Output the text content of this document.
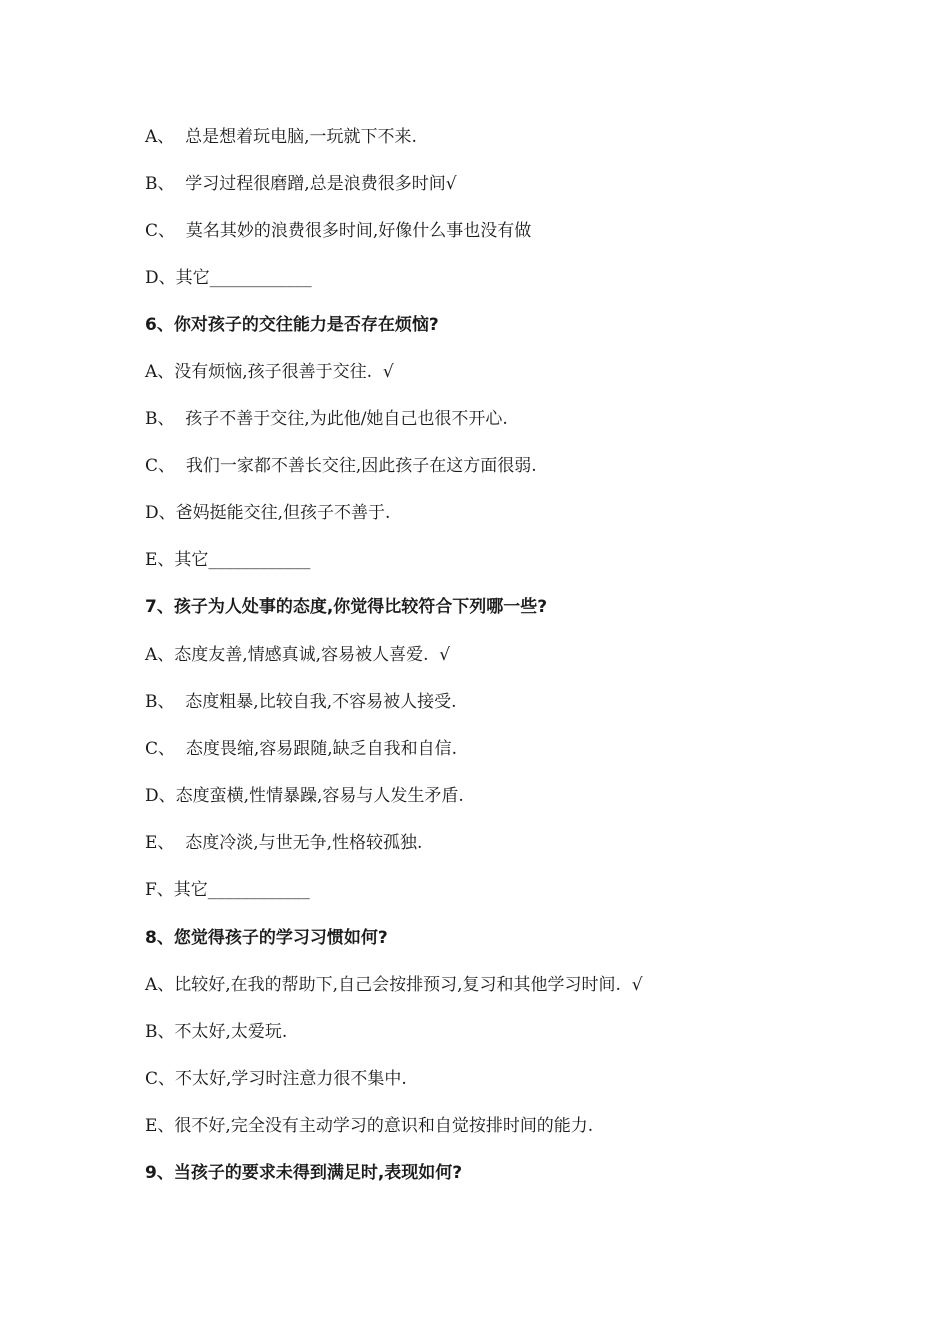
A、  总是想着玩电脑,一玩就下不来.
B、  学习过程很磨蹭,总是浪费很多时间√
C、  莫名其妙的浪费很多时间,好像什么事也没有做
D、其它____________
6、你对孩子的交往能力是否存在烦恼?
A、没有烦恼,孩子很善于交往.  √
B、  孩子不善于交往,为此他/她自己也很不开心.
C、  我们一家都不善长交往,因此孩子在这方面很弱.
D、爸妈挺能交往,但孩子不善于.
E、其它____________
7、孩子为人处事的态度,你觉得比较符合下列哪一些?
A、态度友善,情感真诚,容易被人喜爱.  √
B、  态度粗暴,比较自我,不容易被人接受.
C、  态度畏缩,容易跟随,缺乏自我和自信.
D、态度蛮横,性情暴躁,容易与人发生矛盾.
E、  态度冷淡,与世无争,性格较孤独.
F、其它____________
8、您觉得孩子的学习习惯如何?
A、比较好,在我的帮助下,自己会按排预习,复习和其他学习时间.  √
B、不太好,太爱玩.
C、不太好,学习时注意力很不集中.
E、很不好,完全没有主动学习的意识和自觉按排时间的能力.
9、当孩子的要求未得到满足时,表现如何?
